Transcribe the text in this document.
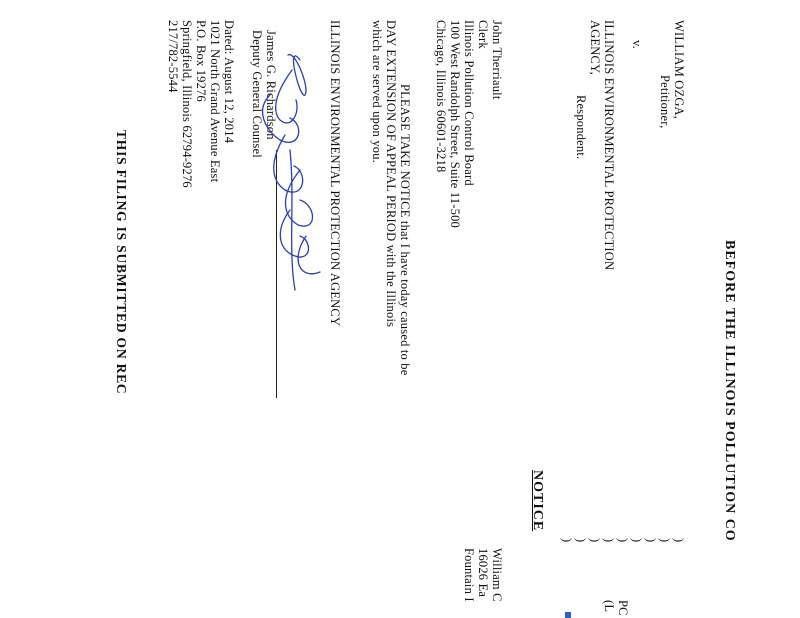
BEFORE THE ILLINOIS POLLUTION CO
WILLIAM OZGA,
Petitioner,
v.
ILLINOIS ENVIRONMENTAL PROTECTION
AGENCY,
Respondent.
)
)
)
)
)
)
)
)
)
PC
(L
NOTICE
John Therriault
Clerk
Illinois Pollution Control Board
100 West Randolph Street, Suite 11-500
Chicago, Illinois 60601-3218
William C
16026 Ea
Fountain I
PLEASE TAKE NOTICE that I have today caused to be
DAY EXTENSION OF APPEAL PERIOD with the Illinois
which are served upon you.
ILLINOIS ENVIRONMENTAL PROTECTION AGENCY
James G. Richardson
Deputy General Counsel
Dated: August 12, 2014
1021 North Grand Avenue East
P.O. Box 19276
Springfield, Illinois 62794-9276
217/782-5544
THIS FILING IS SUBMITTED ON REC
